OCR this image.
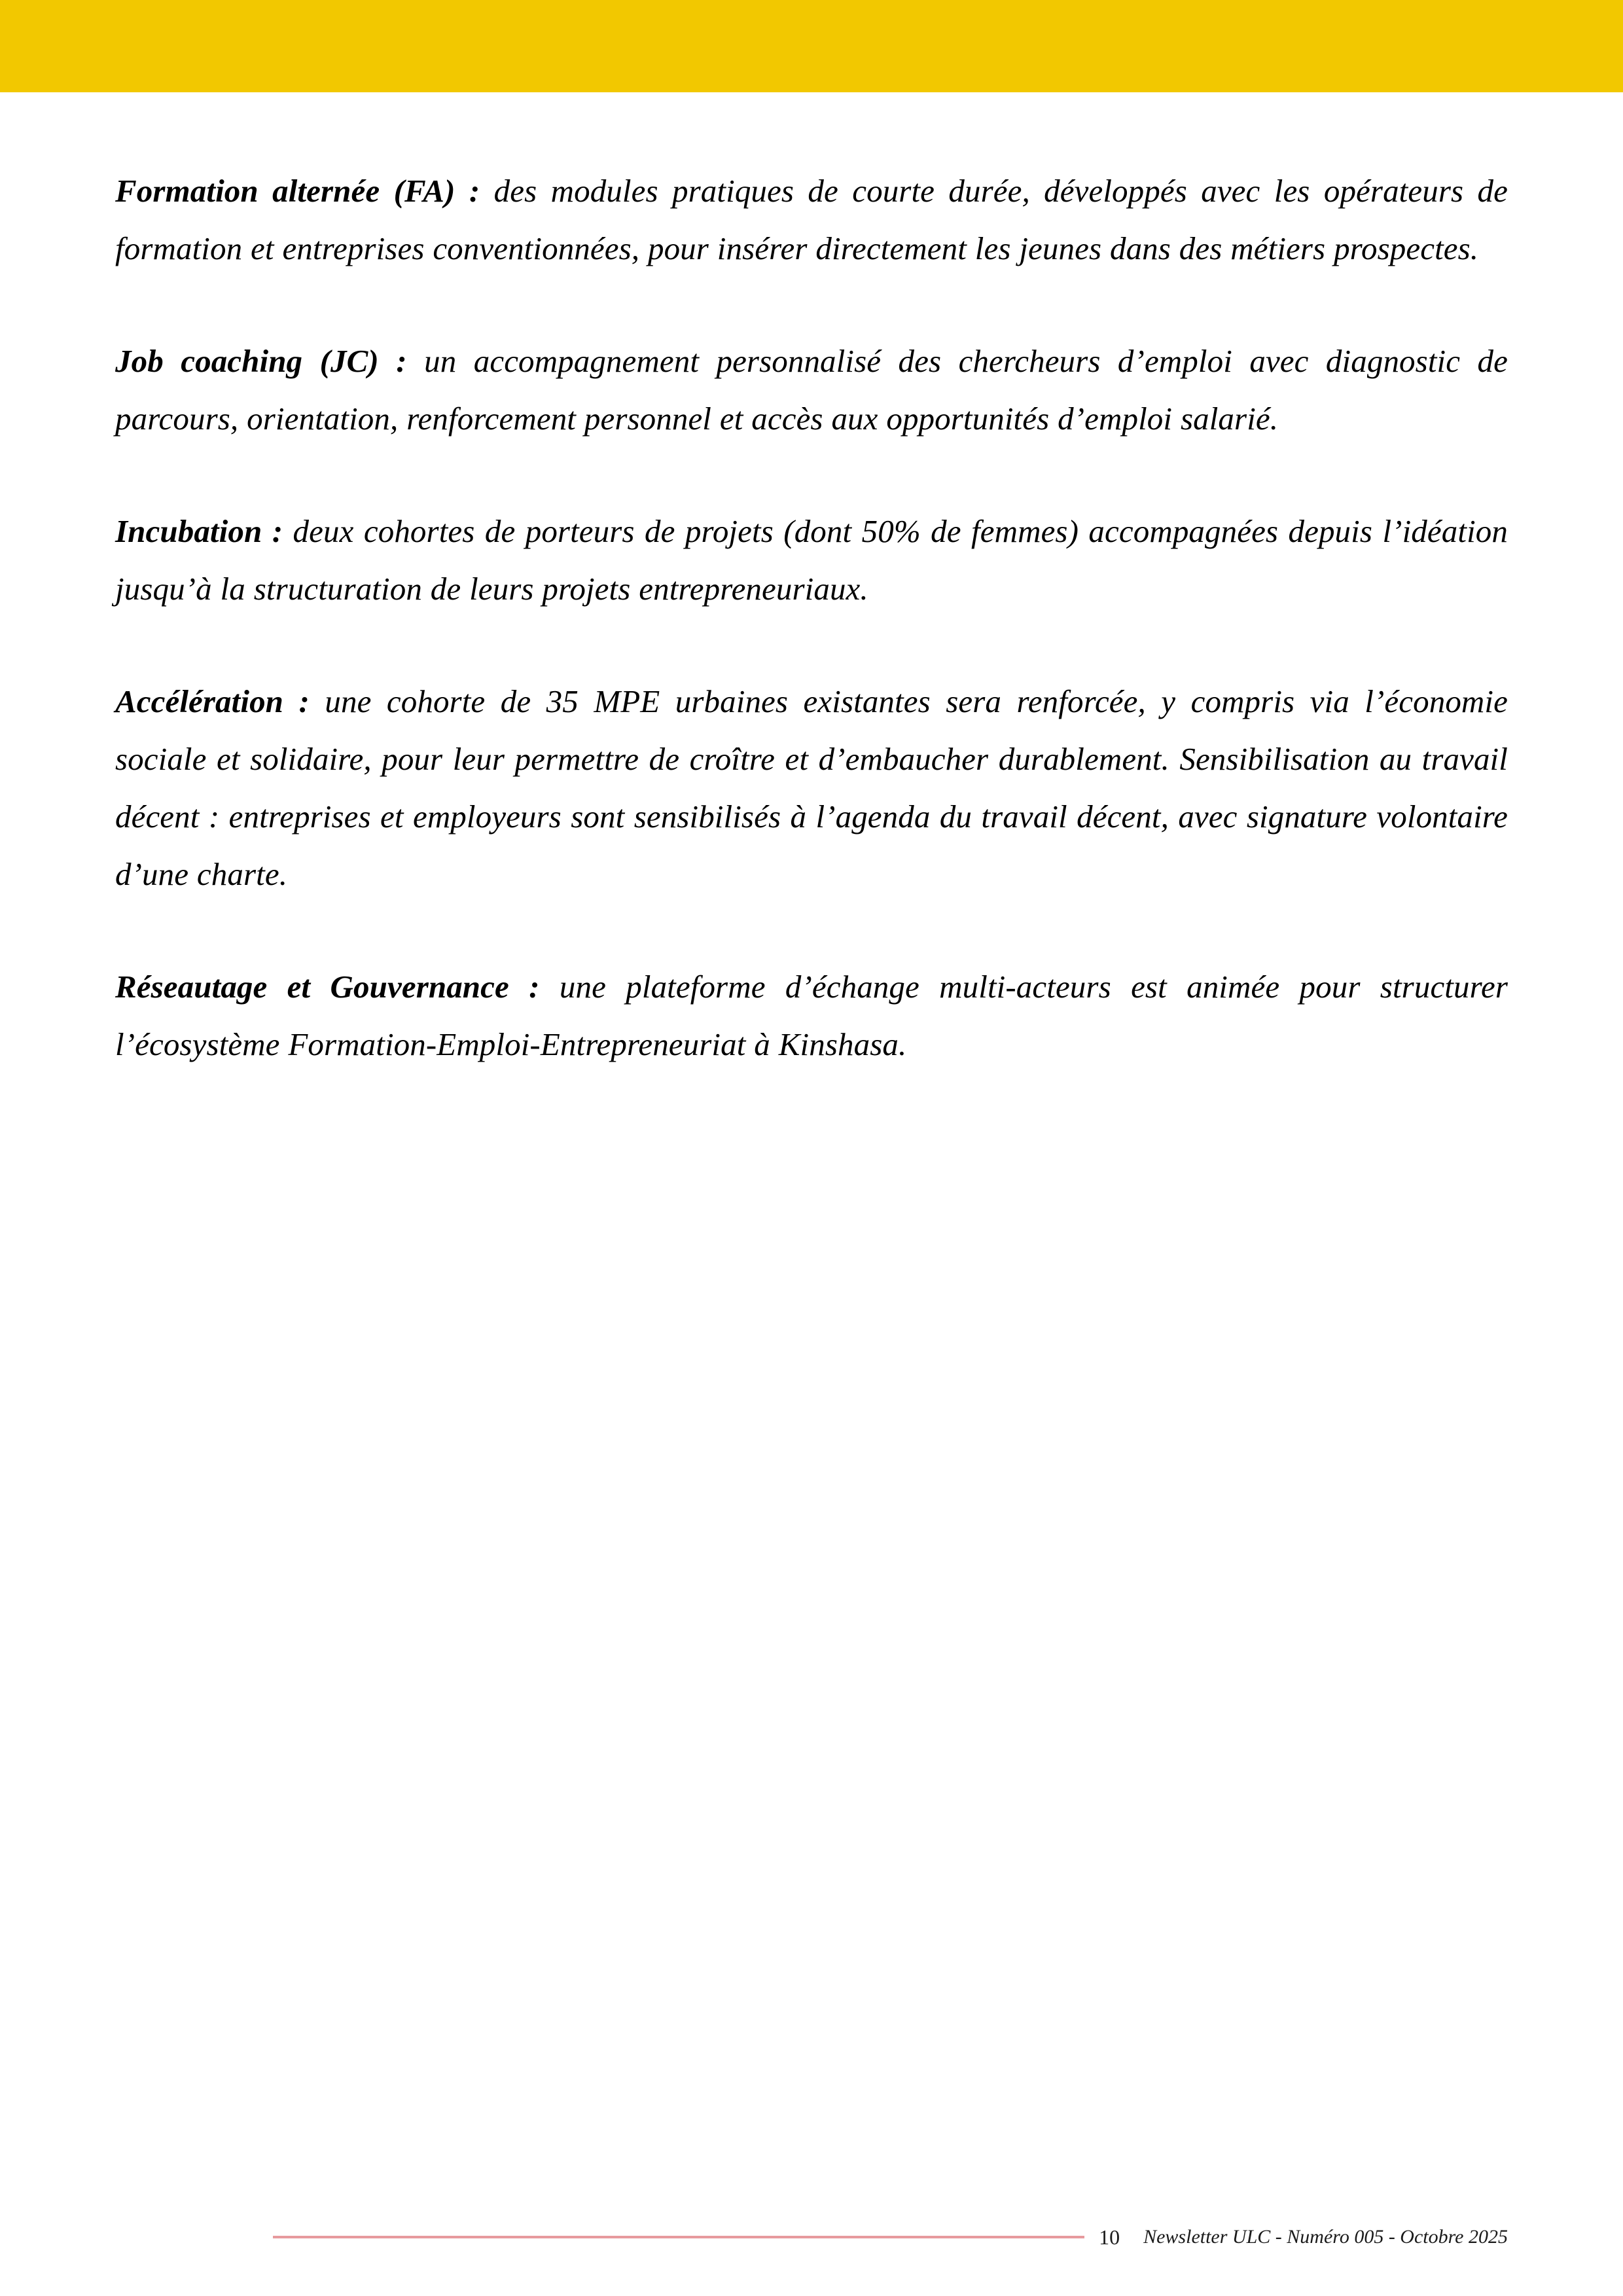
Formation alternée (FA) : des modules pratiques de courte durée, développés avec les opérateurs de formation et entreprises conventionnées, pour insérer directement les jeunes dans des métiers prospectes.

Job coaching (JC) : un accompagnement personnalisé des chercheurs d’emploi avec diagnostic de parcours, orientation, renforcement personnel et accès aux opportunités d’emploi salarié.

Incubation : deux cohortes de porteurs de projets (dont 50% de femmes) accompagnées depuis l’idéation jusqu’à la structuration de leurs projets entrepreneuriaux.

Accélération : une cohorte de 35 MPE urbaines existantes sera renforcée, y compris via l’économie sociale et solidaire, pour leur permettre de croître et d’embaucher durablement. Sensibilisation au travail décent : entreprises et employeurs sont sensibilisés à l’agenda du travail décent, avec signature volontaire d’une charte.

Réseautage et Gouvernance : une plateforme d’échange multi-acteurs est animée pour structurer l’écosystème Formation-Emploi-Entrepreneuriat à Kinshasa.

10 Newsletter ULC - Numéro 005 - Octobre 2025
